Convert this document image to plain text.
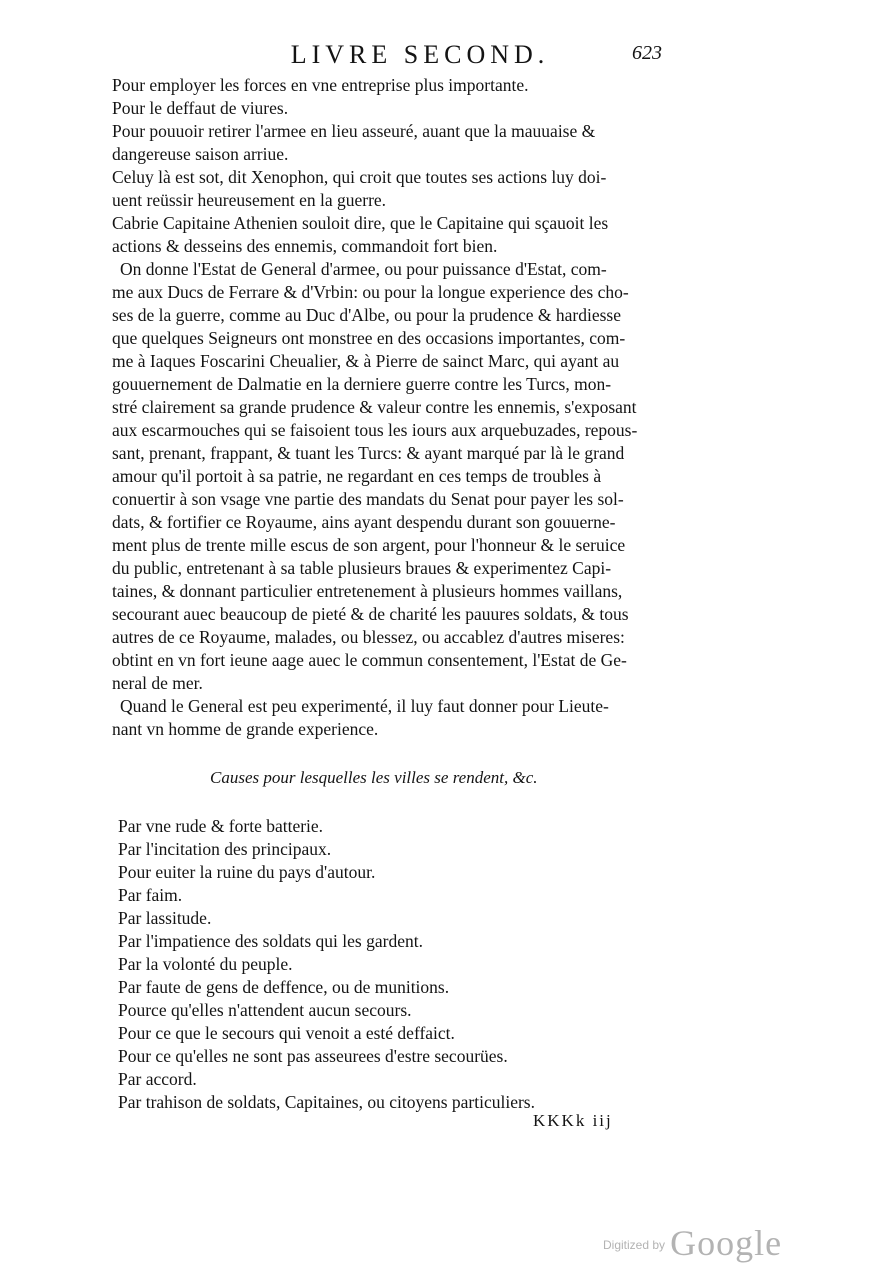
LIVRE SECOND.	623
Pour employer les forces en vne entreprise plus importante.
Pour le deffaut de viures.
Pour pouuoir retirer l'armee en lieu asseuré, auant que la mauuaise &
dangereuse saison arriue.
Celuy là est sot, dit Xenophon, qui croit que toutes ses actions luy doi-
uent reüssir heureusement en la guerre.
Cabrie Capitaine Athenien souloit dire, que le Capitaine qui sçauoit les
actions & desseins des ennemis, commandoit fort bien.
On donne l'Estat de General d'armee, ou pour puissance d'Estat, com-
me aux Ducs de Ferrare & d'Vrbin: ou pour la longue experience des cho-
ses de la guerre, comme au Duc d'Albe, ou pour la prudence & hardiesse
que quelques Seigneurs ont monstree en des occasions importantes, com-
me à Iaques Foscarini Cheualier, & à Pierre de sainct Marc, qui ayant au
gouuernement de Dalmatie en la derniere guerre contre les Turcs, mon-
stré clairement sa grande prudence & valeur contre les ennemis, s'exposant
aux escarmouches qui se faisoient tous les iours aux arquebuzades, repous-
sant, prenant, frappant, & tuant les Turcs: & ayant marqué par là le grand
amour qu'il portoit à sa patrie, ne regardant en ces temps de troubles à
conuertir à son vsage vne partie des mandats du Senat pour payer les sol-
dats, & fortifier ce Royaume, ains ayant despendu durant son gouuerne-
ment plus de trente mille escus de son argent, pour l'honneur & le seruice
du public, entretenant à sa table plusieurs braues & experimentez Capi-
taines, & donnant particulier entretenement à plusieurs hommes vaillans,
secourant auec beaucoup de pieté & de charité les pauures soldats, & tous
autres de ce Royaume, malades, ou blessez, ou accablez d'autres miseres:
obtint en vn fort ieune aage auec le commun consentement, l'Estat de Ge-
neral de mer.
Quand le General est peu experimenté, il luy faut donner pour Lieute-
nant vn homme de grande experience.
Causes pour lesquelles les villes se rendent, &c.
Par vne rude & forte batterie.
Par l'incitation des principaux.
Pour euiter la ruine du pays d'autour.
Par faim.
Par lassitude.
Par l'impatience des soldats qui les gardent.
Par la volonté du peuple.
Par faute de gens de deffence, ou de munitions.
Pource qu'elles n'attendent aucun secours.
Pour ce que le secours qui venoit a esté deffaict.
Pour ce qu'elles ne sont pas asseurees d'estre secourües.
Par accord.
Par trahison de soldats, Capitaines, ou citoyens particuliers.
KKKk iij
$^{Digitized by}$ Google
